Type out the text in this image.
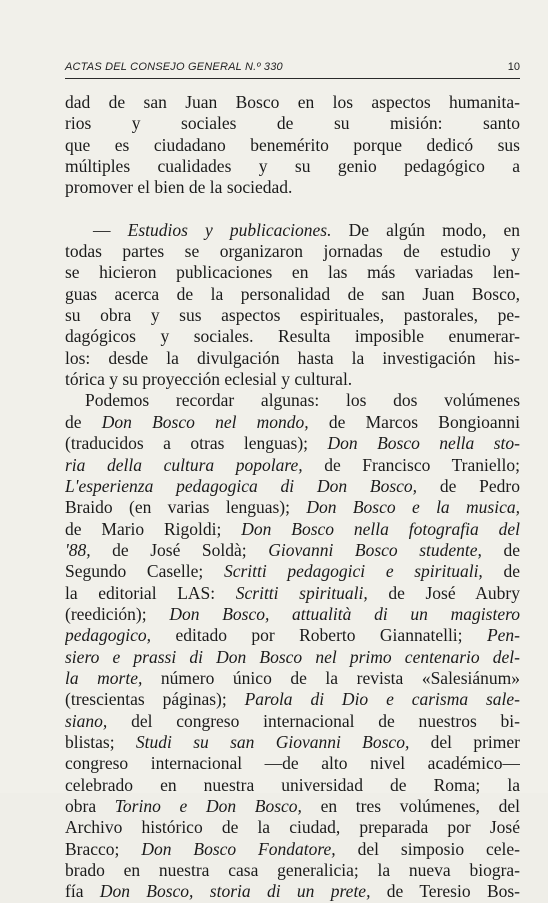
ACTAS DEL CONSEJO GENERAL N.º 330	10
dad de san Juan Bosco en los aspectos humanita-
rios y sociales de su misión: santo
que es ciudadano benemérito porque dedicó sus
múltiples cualidades y su genio pedagógico a
promover el bien de la sociedad.
— Estudios y publicaciones. De algún modo, en
todas partes se organizaron jornadas de estudio y
se hicieron publicaciones en las más variadas len-
guas acerca de la personalidad de san Juan Bosco,
su obra y sus aspectos espirituales, pastorales, pe-
dagógicos y sociales. Resulta imposible enumerar-
los: desde la divulgación hasta la investigación his-
tórica y su proyección eclesial y cultural.
Podemos recordar algunas: los dos volúmenes
de Don Bosco nel mondo, de Marcos Bongioanni
(traducidos a otras lenguas); Don Bosco nella sto-
ria della cultura popolare, de Francisco Traniello;
L'esperienza pedagogica di Don Bosco, de Pedro
Braido (en varias lenguas); Don Bosco e la musica,
de Mario Rigoldi; Don Bosco nella fotografia del
'88, de José Soldà; Giovanni Bosco studente, de
Segundo Caselle; Scritti pedagogici e spirituali, de
la editorial LAS: Scritti spirituali, de José Aubry
(reedición); Don Bosco, attualità di un magistero
pedagogico, editado por Roberto Giannatelli; Pen-
siero e prassi di Don Bosco nel primo centenario del-
la morte, número único de la revista «Salesiánum»
(trescientas páginas); Parola di Dio e carisma sale-
siano, del congreso internacional de nuestros bi-
blistas; Studi su san Giovanni Bosco, del primer
congreso internacional —de alto nivel académico—
celebrado en nuestra universidad de Roma; la
obra Torino e Don Bosco, en tres volúmenes, del
Archivo histórico de la ciudad, preparada por José
Bracco; Don Bosco Fondatore, del simposio cele-
brado en nuestra casa generalicia; la nueva biogra-
fía Don Bosco, storia di un prete, de Teresio Bos-
